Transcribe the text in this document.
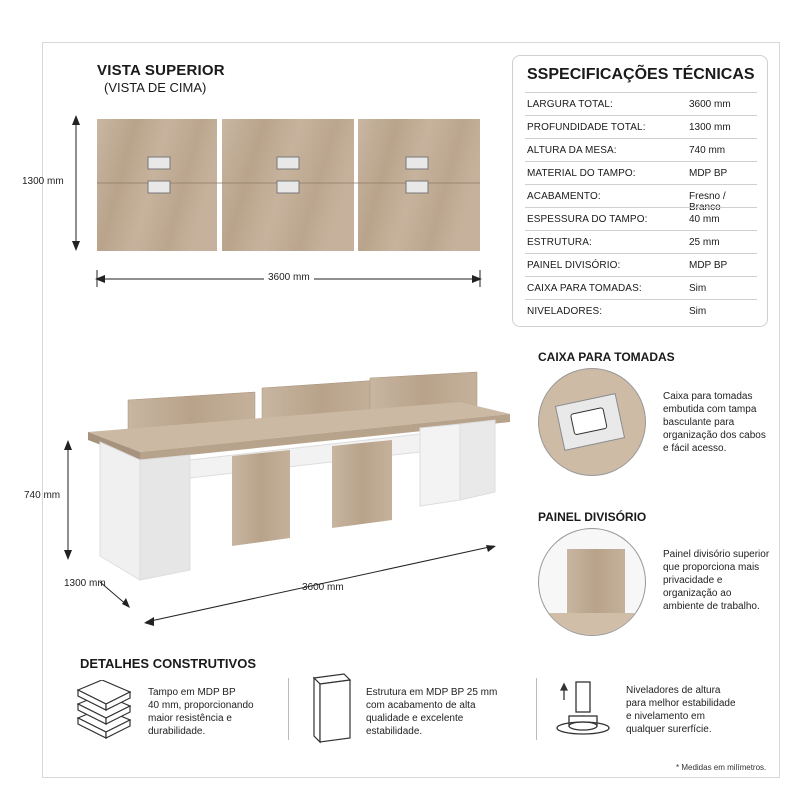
VISTA SUPERIOR
(VISTA DE CIMA)
1300 mm
3600 mm
SSPECIFICAÇÕES TÉCNICAS
LARGURA TOTAL:	3600 mm
PROFUNDIDADE TOTAL:	1300 mm
ALTURA DA MESA:	740 mm
MATERIAL DO TAMPO:	MDP BP
ACABAMENTO:	Fresno / Branco
ESPESSURA DO TAMPO:	40 mm
ESTRUTURA:	25 mm
PAINEL DIVISÓRIO:	MDP BP
CAIXA PARA TOMADAS:	Sim
NIVELADORES:	Sim
740 mm
1300 mm	3600 mm
CAIXA PARA TOMADAS
Caixa para tomadas
embutida com tampa
basculante para
organização dos cabos
e fácil acesso.
PAINEL DIVISÓRIO
Painel divisório superior
que proporciona mais
privacidade e
organização ao
ambiente de trabalho.
DETALHES CONSTRUTIVOS
Tampo em MDP BP
40 mm, proporcionando
maior resistência e
durabilidade.
Estrutura em MDP BP 25 mm
com acabamento de alta
qualidade e excelente
estabilidade.
Niveladores de altura
para melhor estabilidade
e nivelamento em
qualquer surerfície.
* Medidas em milímetros.
